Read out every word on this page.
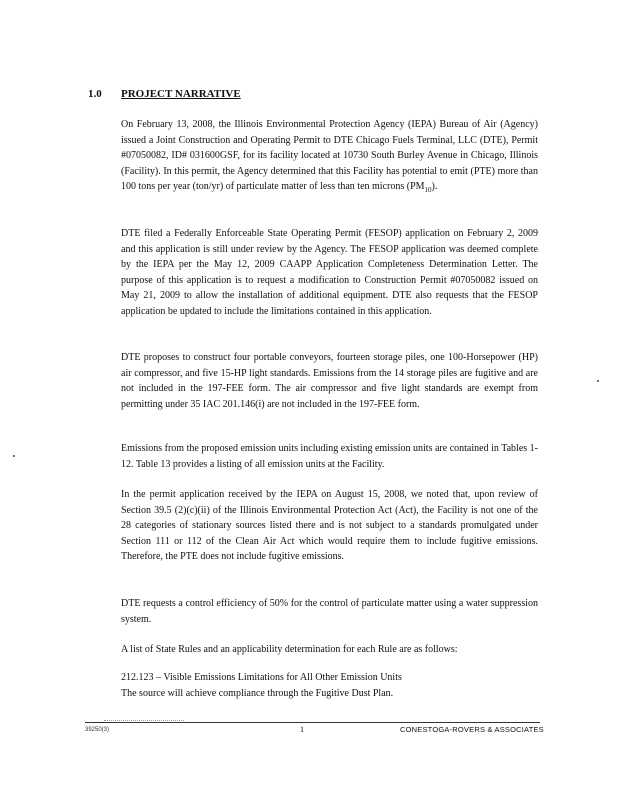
1.0 PROJECT NARRATIVE

On February 13, 2008, the Illinois Environmental Protection Agency (IEPA) Bureau of Air (Agency) issued a Joint Construction and Operating Permit to DTE Chicago Fuels Terminal, LLC (DTE), Permit #07050082, ID# 031600GSF, for its facility located at 10730 South Burley Avenue in Chicago, Illinois (Facility). In this permit, the Agency determined that this Facility has potential to emit (PTE) more than 100 tons per year (ton/yr) of particulate matter of less than ten microns $(PM_{10})$.

DTE filed a Federally Enforceable State Operating Permit (FESOP) application on February 2, 2009 and this application is still under review by the Agency. The FESOP application was deemed complete by the IEPA per the May 12, 2009 CAAPP Application Completeness Determination Letter. The purpose of this application is to request a modification to Construction Permit #07050082 issued on May 21, 2009 to allow the installation of additional equipment. DTE also requests that the FESOP application be updated to include the limitations contained in this application.

DTE proposes to construct four portable conveyors, fourteen storage piles, one 100-Horsepower (HP) air compressor, and five 15-HP light standards. Emissions from the 14 storage piles are fugitive and are not included in the 197-FEE form. The air compressor and five light standards are exempt from permitting under 35 IAC 201.146(i) are not included in the 197-FEE form.

Emissions from the proposed emission units including existing emission units are contained in Tables 1-12. Table 13 provides a listing of all emission units at the Facility.

In the permit application received by the IEPA on August 15, 2008, we noted that, upon review of Section 39.5 (2)(c)(ii) of the Illinois Environmental Protection Act (Act), the Facility is not one of the 28 categories of stationary sources listed there and is not subject to a standards promulgated under Section 111 or 112 of the Clean Air Act which would require them to include fugitive emissions. Therefore, the PTE does not include fugitive emissions.

DTE requests a control efficiency of 50% for the control of particulate matter using a water suppression system.

A list of State Rules and an applicability determination for each Rule are as follows:

212.123 – Visible Emissions Limitations for All Other Emission Units
The source will achieve compliance through the Fugitive Dust Plan.
39250(3)	1	CONESTOGA-ROVERS & ASSOCIATES
